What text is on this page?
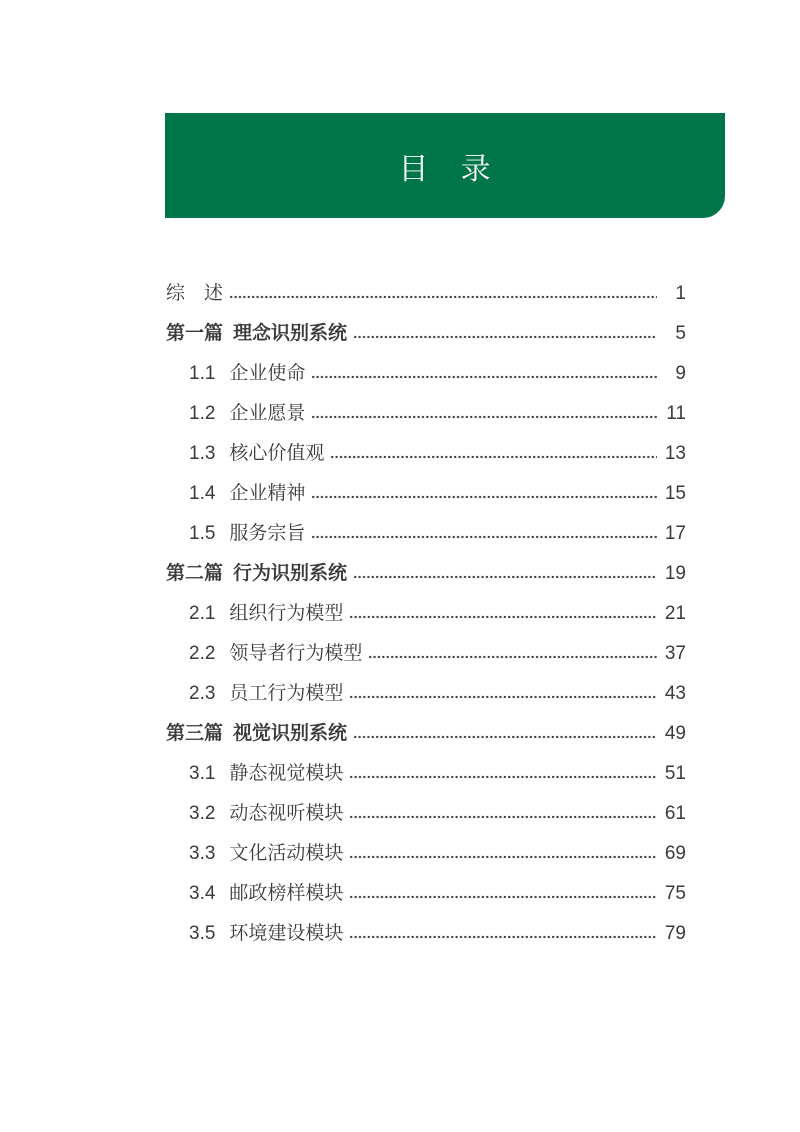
目　录
综　述	1
第一篇 理念识别系统	5
1.1 企业使命	9
1.2 企业愿景	11
1.3 核心价值观	13
1.4 企业精神	15
1.5 服务宗旨	17
第二篇 行为识别系统	19
2.1 组织行为模型	21
2.2 领导者行为模型	37
2.3 员工行为模型	43
第三篇 视觉识别系统	49
3.1 静态视觉模块	51
3.2 动态视听模块	61
3.3 文化活动模块	69
3.4 邮政榜样模块	75
3.5 环境建设模块	79
